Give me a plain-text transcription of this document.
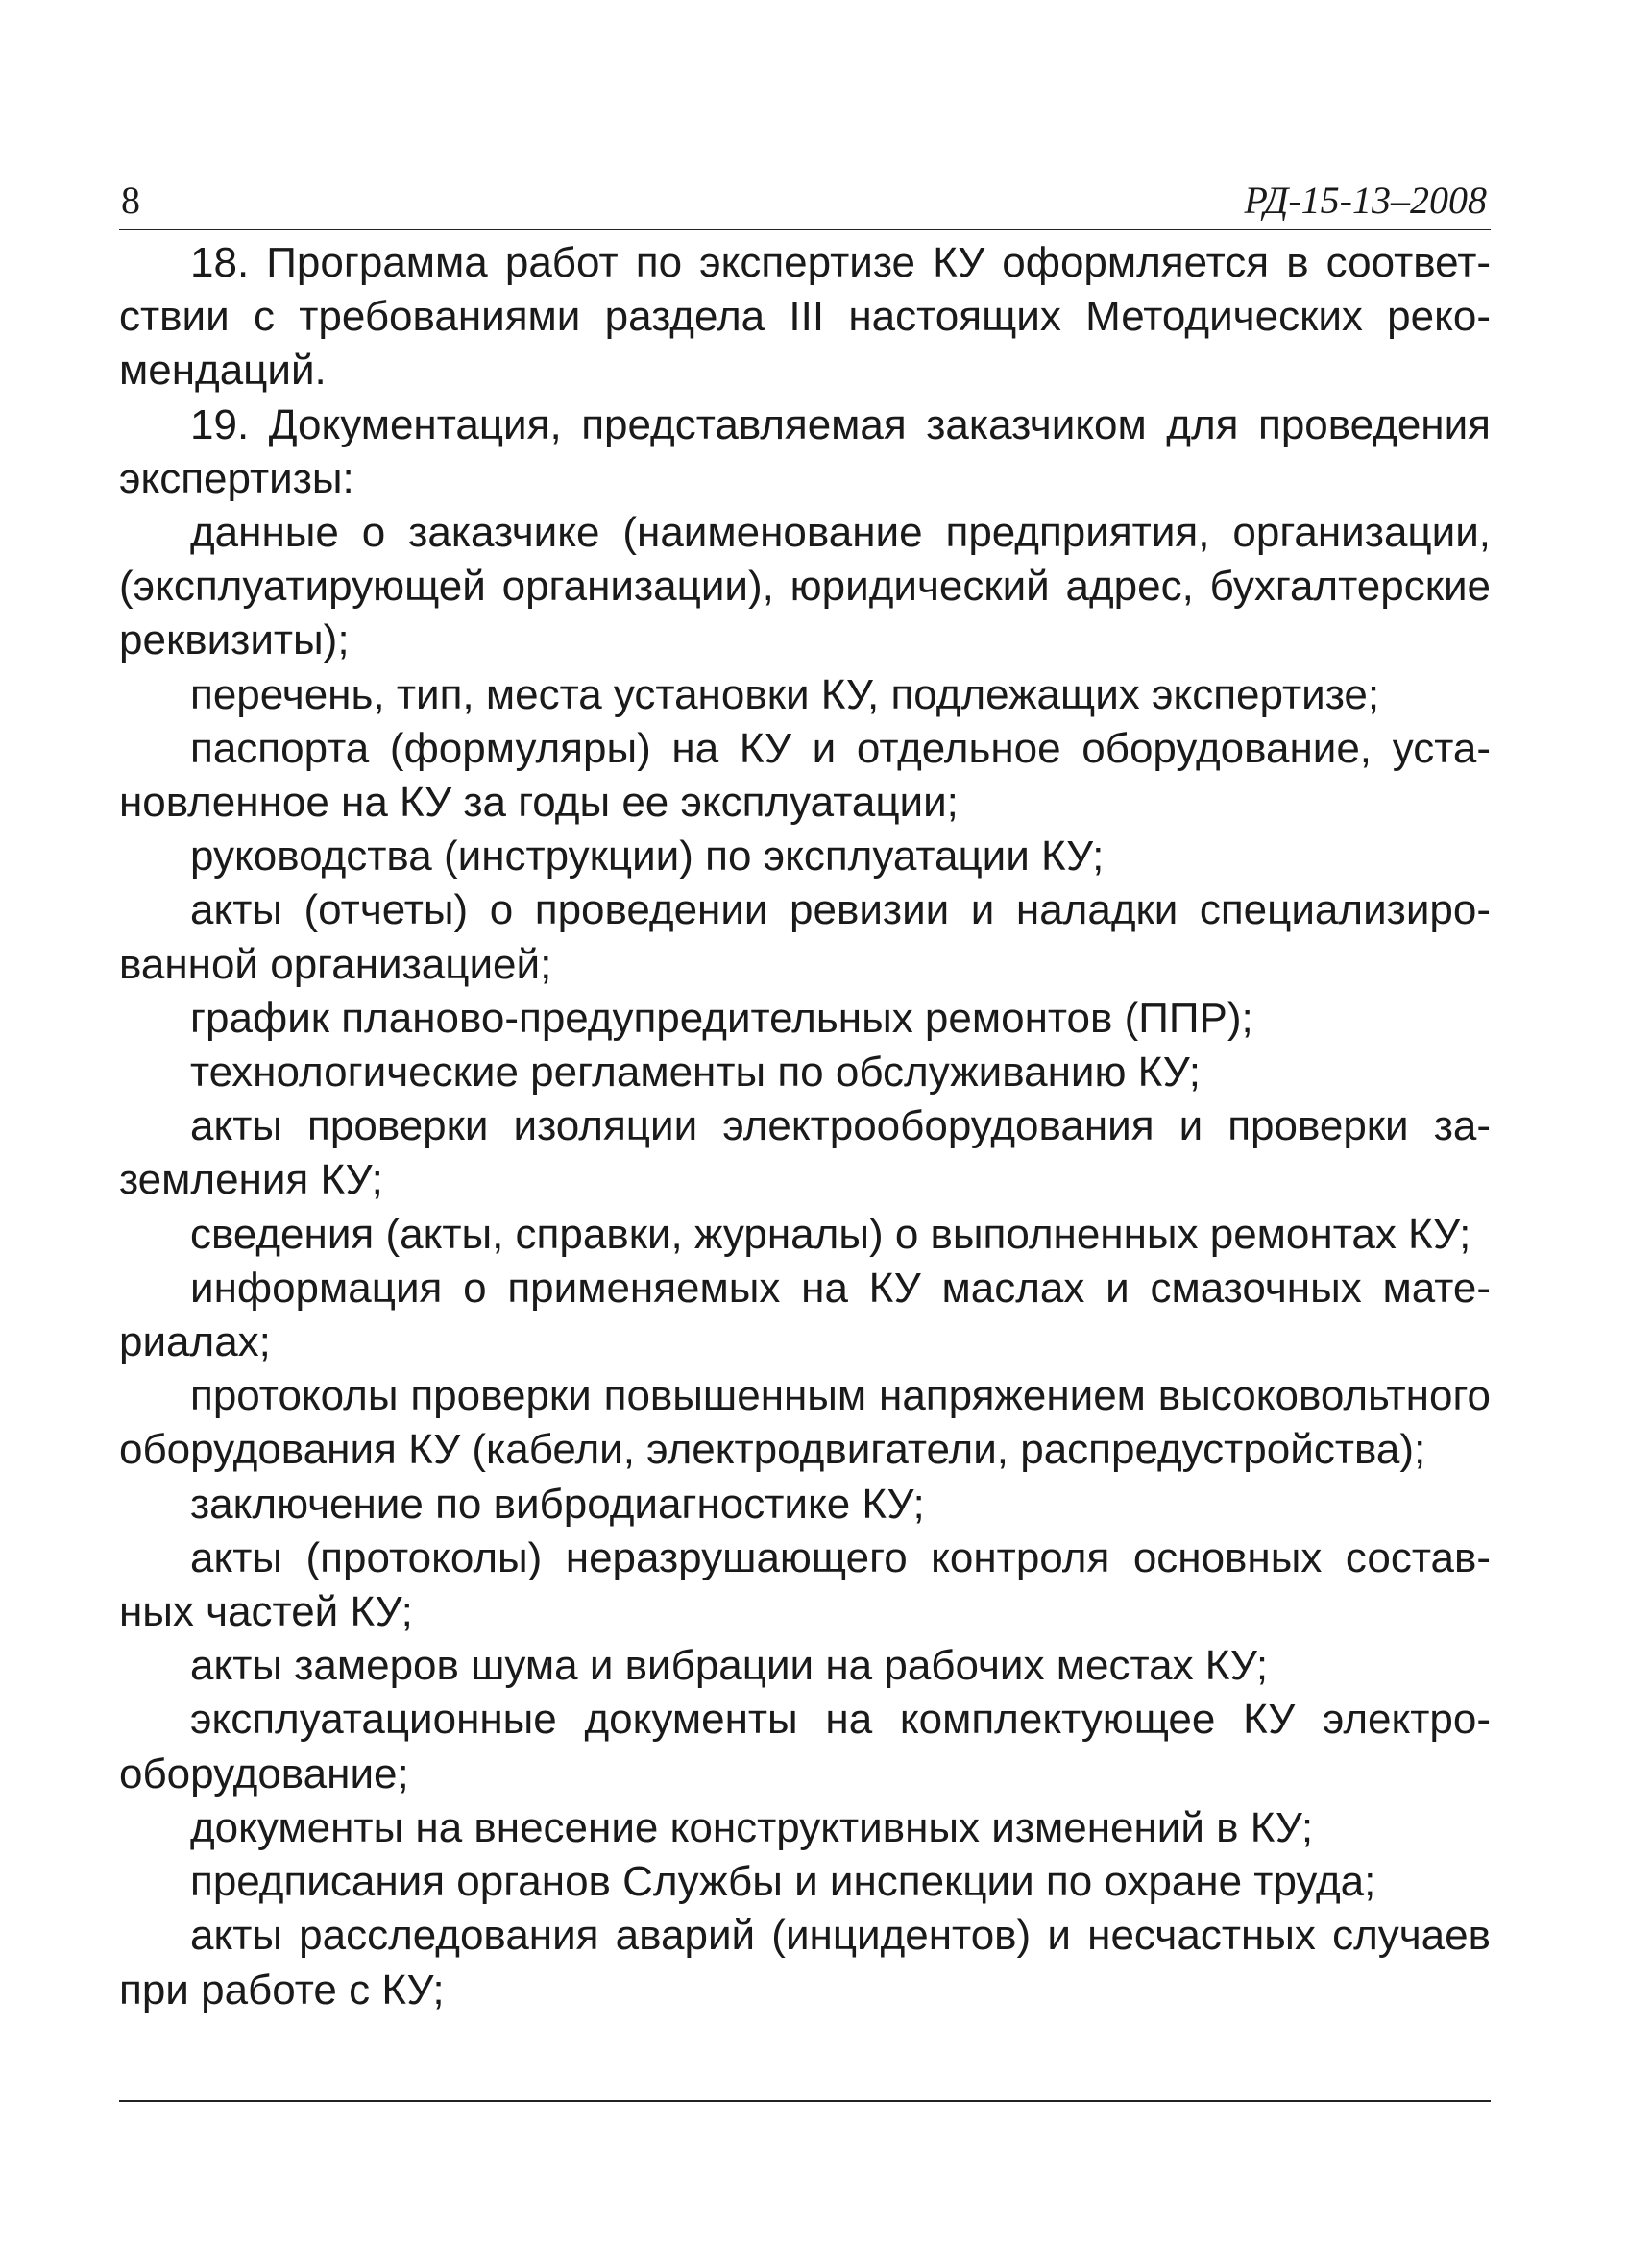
8	РД-15-13–2008

18. Программа работ по экспертизе КУ оформляется в соответствии с требованиями раздела III настоящих Методических рекомендаций.

19. Документация, представляемая заказчиком для проведения экспертизы:

данные о заказчике (наименование предприятия, организации, (эксплуатирующей организации), юридический адрес, бухгалтерские реквизиты);

перечень, тип, места установки КУ, подлежащих экспертизе;

паспорта (формуляры) на КУ и отдельное оборудование, установленное на КУ за годы ее эксплуатации;

руководства (инструкции) по эксплуатации КУ;

акты (отчеты) о проведении ревизии и наладки специализированной организацией;

график планово-предупредительных ремонтов (ППР);

технологические регламенты по обслуживанию КУ;

акты проверки изоляции электрооборудования и проверки заземления КУ;

сведения (акты, справки, журналы) о выполненных ремонтах КУ;

информация о применяемых на КУ маслах и смазочных материалах;

протоколы проверки повышенным напряжением высоковольтного оборудования КУ (кабели, электродвигатели, распредустройства);

заключение по вибродиагностике КУ;

акты (протоколы) неразрушающего контроля основных составных частей КУ;

акты замеров шума и вибрации на рабочих местах КУ;

эксплуатационные документы на комплектующее КУ электрооборудование;

документы на внесение конструктивных изменений в КУ;

предписания органов Службы и инспекции по охране труда;

акты расследования аварий (инцидентов) и несчастных случаев при работе с КУ;
